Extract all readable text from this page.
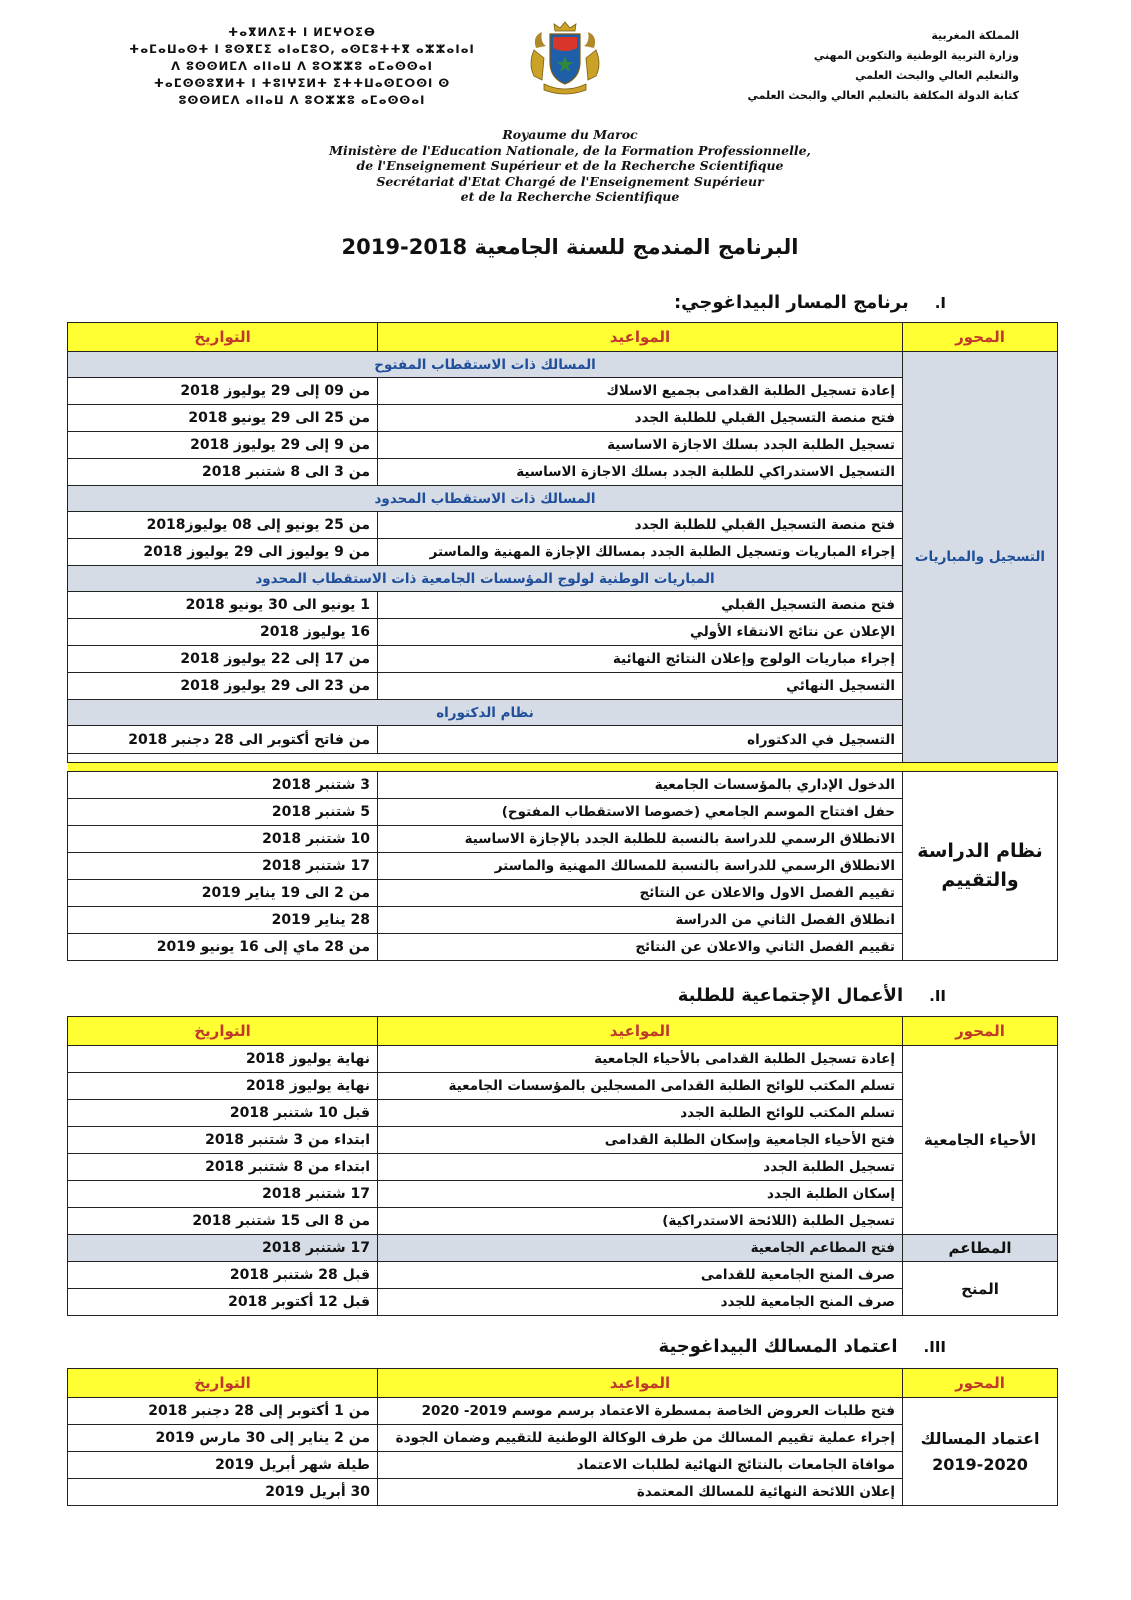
المملكة المغربية
وزارة التربية الوطنية والتكوين المهني
والتعليم العالي والبحث العلمي
كتابة الدولة المكلفة بالتعليم العالي والبحث العلمي
ⵜⴰⴳⵍⴷⵉⵜ ⵏ ⵍⵎⵖⵔⵉⴱ
ⵜⴰⵎⴰⵡⴰⵙⵜ ⵏ ⵓⵙⴳⵎⵉ ⴰⵏⴰⵎⵓⵔ, ⴰⵙⵎⵓⵜⵜⴳ ⴰⵣⵣⴰⵏⴰⵏ
ⴷ ⵓⵙⵙⵍⵎⴷ ⴰⵏⵏⴰⵡ ⴷ ⵓⵔⵣⵣⵓ ⴰⵎⴰⵙⵙⴰⵏ
ⵜⴰⵎⵙⵙⵓⴳⵍⵜ ⵏ ⵜⵓⵏⵖⵉⵍⵜ ⵉⵜⵜⵡⴰⵙⵎⵔⵙⵏ ⵙ
ⵓⵙⵙⵍⵎⴷ ⴰⵏⵏⴰⵡ ⴷ ⵓⵔⵣⵣⵓ ⴰⵎⴰⵙⵙⴰⵏ
Royaume du Maroc
Ministère de l'Education Nationale, de la Formation Professionnelle,
de l'Enseignement Supérieur et de la Recherche Scientifique
Secrétariat d'Etat Chargé de l'Enseignement Supérieur
et de la Recherche Scientifique
البرنامج المندمج للسنة الجامعية 2018-2019
I.برنامج المسار البيداغوجي:
المحور	المواعيد	التواريخ
التسجيل والمباريات	المسالك ذات الاستقطاب المفتوح	
	إعادة تسجيل الطلبة القدامى بجميع الاسلاك	من 09 إلى 29 يوليوز 2018
	فتح منصة التسجيل القبلي للطلبة الجدد	من 25 الى 29 يونيو 2018
	تسجيل الطلبة الجدد بسلك الاجازة الاساسية	من 9 إلى 29 يوليوز 2018
	التسجيل الاستدراكي للطلبة الجدد بسلك الاجازة الاساسية	من 3 الى 8 شتنبر 2018
	المسالك ذات الاستقطاب المحدود	
	فتح منصة التسجيل القبلي للطلبة الجدد	من 25 يونيو إلى 08 يوليوز2018
	إجراء المباريات وتسجيل الطلبة الجدد بمسالك الإجازة المهنية والماستر	من 9 يوليوز الى 29 يوليوز 2018
	المباريات الوطنية لولوج المؤسسات الجامعية ذات الاستقطاب المحدود	
	فتح منصة التسجيل القبلي	1 يونيو الى 30 يونيو 2018
	الإعلان عن نتائج الانتقاء الأولي	16 يوليوز 2018
	إجراء مباريات الولوج وإعلان النتائج النهائية	من 17 إلى 22 يوليوز 2018
	التسجيل النهائي	من 23 الى 29 يوليوز 2018
	نظام الدكتوراه	
	التسجيل في الدكتوراه	من فاتح أكتوبر الى 28 دجنبر 2018

نظام الدراسة والتقييم	الدخول الإداري بالمؤسسات الجامعية	3 شتنبر 2018
	حفل افتتاح الموسم الجامعي (خصوصا الاستقطاب المفتوح)	5 شتنبر 2018
	الانطلاق الرسمي للدراسة بالنسبة للطلبة الجدد بالإجازة الاساسية	10 شتنبر 2018
	الانطلاق الرسمي للدراسة بالنسبة للمسالك المهنية والماستر	17 شتنبر 2018
	تقييم الفصل الاول والاعلان عن النتائج	من 2 الى 19 يناير 2019
	انطلاق الفصل الثاني من الدراسة	28 يناير 2019
	تقييم الفصل الثاني والاعلان عن النتائج	من 28 ماي إلى 16 يونيو 2019
II.الأعمال الإجتماعية للطلبة
المحور	المواعيد	التواريخ
الأحياء الجامعية	إعادة تسجيل الطلبة القدامى بالأحياء الجامعية	نهاية يوليوز 2018
	تسلم المكتب للوائح الطلبة القدامى المسجلين بالمؤسسات الجامعية	نهاية يوليوز 2018
	تسلم المكتب للوائح الطلبة الجدد	قبل 10 شتنبر 2018
	فتح الأحياء الجامعية وإسكان الطلبة القدامى	ابتداء من 3 شتنبر 2018
	تسجيل الطلبة الجدد	ابتداء من 8 شتنبر 2018
	إسكان الطلبة الجدد	17 شتنبر 2018
	تسجيل الطلبة (اللائحة الاستدراكية)	من 8 الى 15 شتنبر 2018
المطاعم	فتح المطاعم الجامعية	17 شتنبر 2018
المنح	صرف المنح الجامعية للقدامى	قبل 28 شتنبر 2018
	صرف المنح الجامعية للجدد	قبل 12 أكتوبر 2018
III.اعتماد المسالك البيداغوجية
المحور	المواعيد	التواريخ
اعتماد المسالك 2020-2019	فتح طلبات العروض الخاصة بمسطرة الاعتماد برسم موسم 2019- 2020	من 1 أكتوبر إلى 28 دجنبر 2018
	إجراء عملية تقييم المسالك من طرف الوكالة الوطنية للتقييم وضمان الجودة	من 2 يناير إلى 30 مارس 2019
	موافاة الجامعات بالنتائج النهائية لطلبات الاعتماد	طيلة شهر أبريل 2019
	إعلان اللائحة النهائية للمسالك المعتمدة	30 أبريل 2019
